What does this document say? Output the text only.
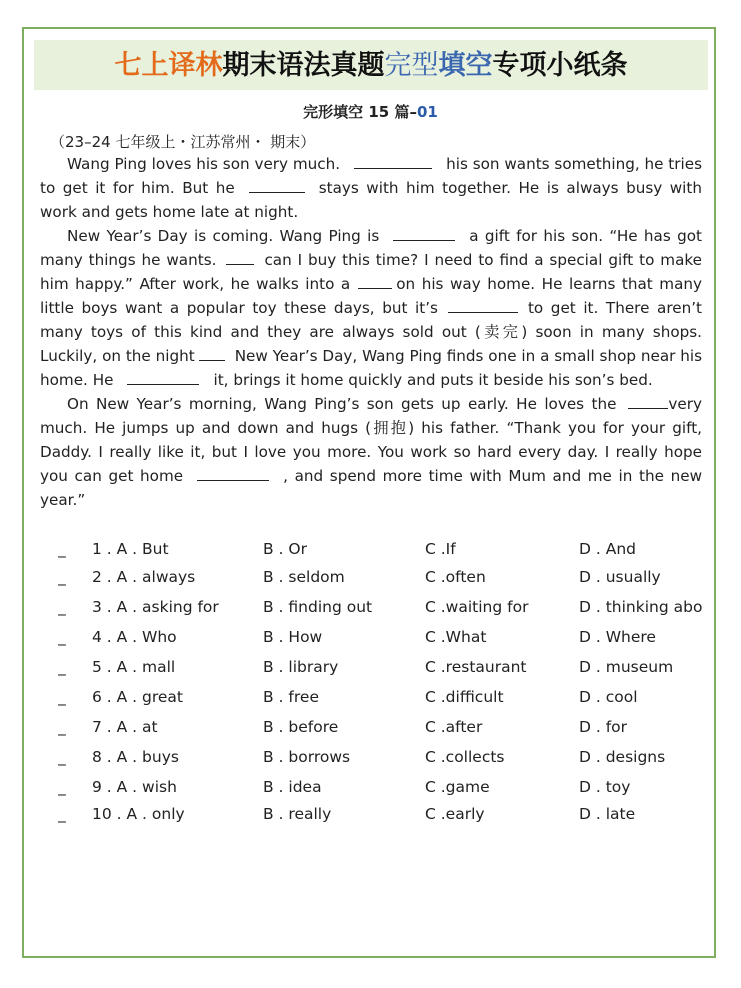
七上译林期末语法真题完型填空专项小纸条
完形填空 15 篇–01
（23–24 七年级上・江苏常州・ 期末）

Wang Ping loves his son very much.	his son wants something, he tries to get it for him. But he	stays with him together. He is always busy with work and gets home late at night.

New Year’s Day is coming. Wang Ping is	a gift for his son. “He has got many things he wants.	can I buy this time? I need to find a special gift to make him happy.” After work, he walks into a	on his way home. He learns that many little boys want a popular toy these days, but it’s	to get it. There aren’t many toys of this kind and they are always sold out (卖完) soon in many shops. Luckily, on the night	New Year’s Day, Wang Ping finds one in a small shop near his home. He	it, brings it home quickly and puts it beside his son’s bed.

On New Year’s morning, Wang Ping’s son gets up early. He loves the	very much. He jumps up and down and hugs (拥抱) his father. “Thank you for your gift, Daddy. I really like it, but I love you more. You work so hard every day. I really hope you can get home	, and spend more time with Mum and me in the new year.”

_ 1 . A . But	B . Or	C .If	D . And
_ 2 . A . always	B . seldom	C .often	D . usually
_ 3 . A . asking for	B . finding out	C .waiting for	D . thinking abo
_ 4 . A . Who	B . How	C .What	D . Where
_ 5 . A . mall	B . library	C .restaurant	D . museum
_ 6 . A . great	B . free	C .difficult	D . cool
_ 7 . A . at	B . before	C .after	D . for
_ 8 . A . buys	B . borrows	C .collects	D . designs
_ 9 . A . wish	B . idea	C .game	D . toy
_ 10 . A . only	B . really	C .early	D . late
